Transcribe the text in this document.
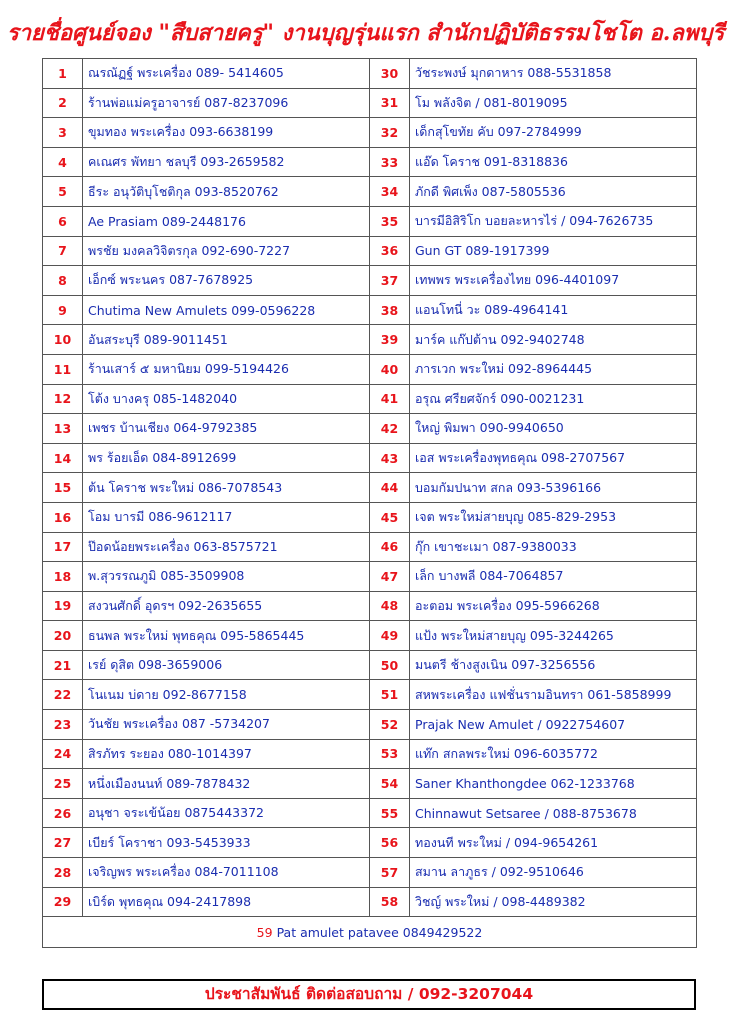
รายชื่อศูนย์จอง "สืบสายครู" งานบุญรุ่นแรก สำนักปฏิบัติธรรมโชโต อ.ลพบุรี
1	ณรณัฏฐ์ พระเครื่อง 089- 5414605	30	วัชระพงษ์ มุกดาหาร 088-5531858
2	ร้านพ่อแม่ครูอาจารย์ 087-8237096	31	โม พลังจิต / 081-8019095
3	ขุมทอง พระเครื่อง 093-6638199	32	เด็กสุโขทัย คับ 097-2784999
4	คเณศร พัทยา ชลบุรี 093-2659582	33	แอ๊ด โคราช 091-8318836
5	ธีระ อนุวัติบุโชติกุล 093-8520762	34	ภักดี พิศเพ็ง 087-5805536
6	Ae Prasiam 089-2448176	35	บารมีอิสิริโก บอยละหารไร่ / 094-7626735
7	พรชัย มงคลวิจิตรกุล 092-690-7227	36	Gun GT 089-1917399
8	เอ็กซ์ พระนคร 087-7678925	37	เทพพร พระเครื่องไทย 096-4401097
9	Chutima New Amulets 099-0596228	38	แอนโทนี่ วะ 089-4964141
10	อันสระบุรี 089-9011451	39	มาร์ค แก๊ปต้าน 092-9402748
11	ร้านเสาร์ ๕ มหานิยม 099-5194426	40	ภารเวก พระใหม่ 092-8964445
12	โต้ง บางครุ 085-1482040	41	อรุณ ศรียศจักร์ 090-0021231
13	เพชร บ้านเชียง 064-9792385	42	ใหญ่ พิมพา 090-9940650
14	พร ร้อยเอ็ด 084-8912699	43	เอส พระเครื่องพุทธคุณ 098-2707567
15	ต้น โคราช พระใหม่ 086-7078543	44	บอมกัมปนาท สกล 093-5396166
16	โอม บารมี 086-9612117	45	เจต พระใหม่สายบุญ 085-829-2953
17	ป๊อดน้อยพระเครื่อง 063-8575721	46	กุ๊ก เขาชะเมา 087-9380033
18	พ.สุวรรณภูมิ 085-3509908	47	เล็ก บางพลี 084-7064857
19	สงวนศักดิ์ อุดรฯ 092-2635655	48	อะตอม พระเครื่อง 095-5966268
20	ธนพล พระใหม่ พุทธคุณ 095-5865445	49	แป้ง พระใหม่สายบุญ 095-3244265
21	เรย์ ดุสิต 098-3659006	50	มนตรี ช้างสูงเนิน 097-3256556
22	โนเนม บ่ดาย 092-8677158	51	สหพระเครื่อง แฟชั่นรามอินทรา 061-5858999
23	วันชัย พระเครื่อง 087 -5734207	52	Prajak New Amulet / 0922754607
24	สิรภัทร ระยอง 080-1014397	53	แท๊ก สกลพระใหม่ 096-6035772
25	หนึ่งเมืองนนท์ 089-7878432	54	Saner Khanthongdee 062-1233768
26	อนุชา จระเข้น้อย 0875443372	55	Chinnawut Setsaree / 088-8753678
27	เบียร์ โคราชา 093-5453933	56	ทองนที พระใหม่ / 094-9654261
28	เจริญพร พระเครื่อง 084-7011108	57	สมาน ลาภูธร / 092-9510646
29	เบิร์ด พุทธคุณ 094-2417898	58	วิชญ์ พระใหม่ / 098-4489382
59 Pat amulet patavee 0849429522			
ประชาสัมพันธ์ ติดต่อสอบถาม / 092-3207044
